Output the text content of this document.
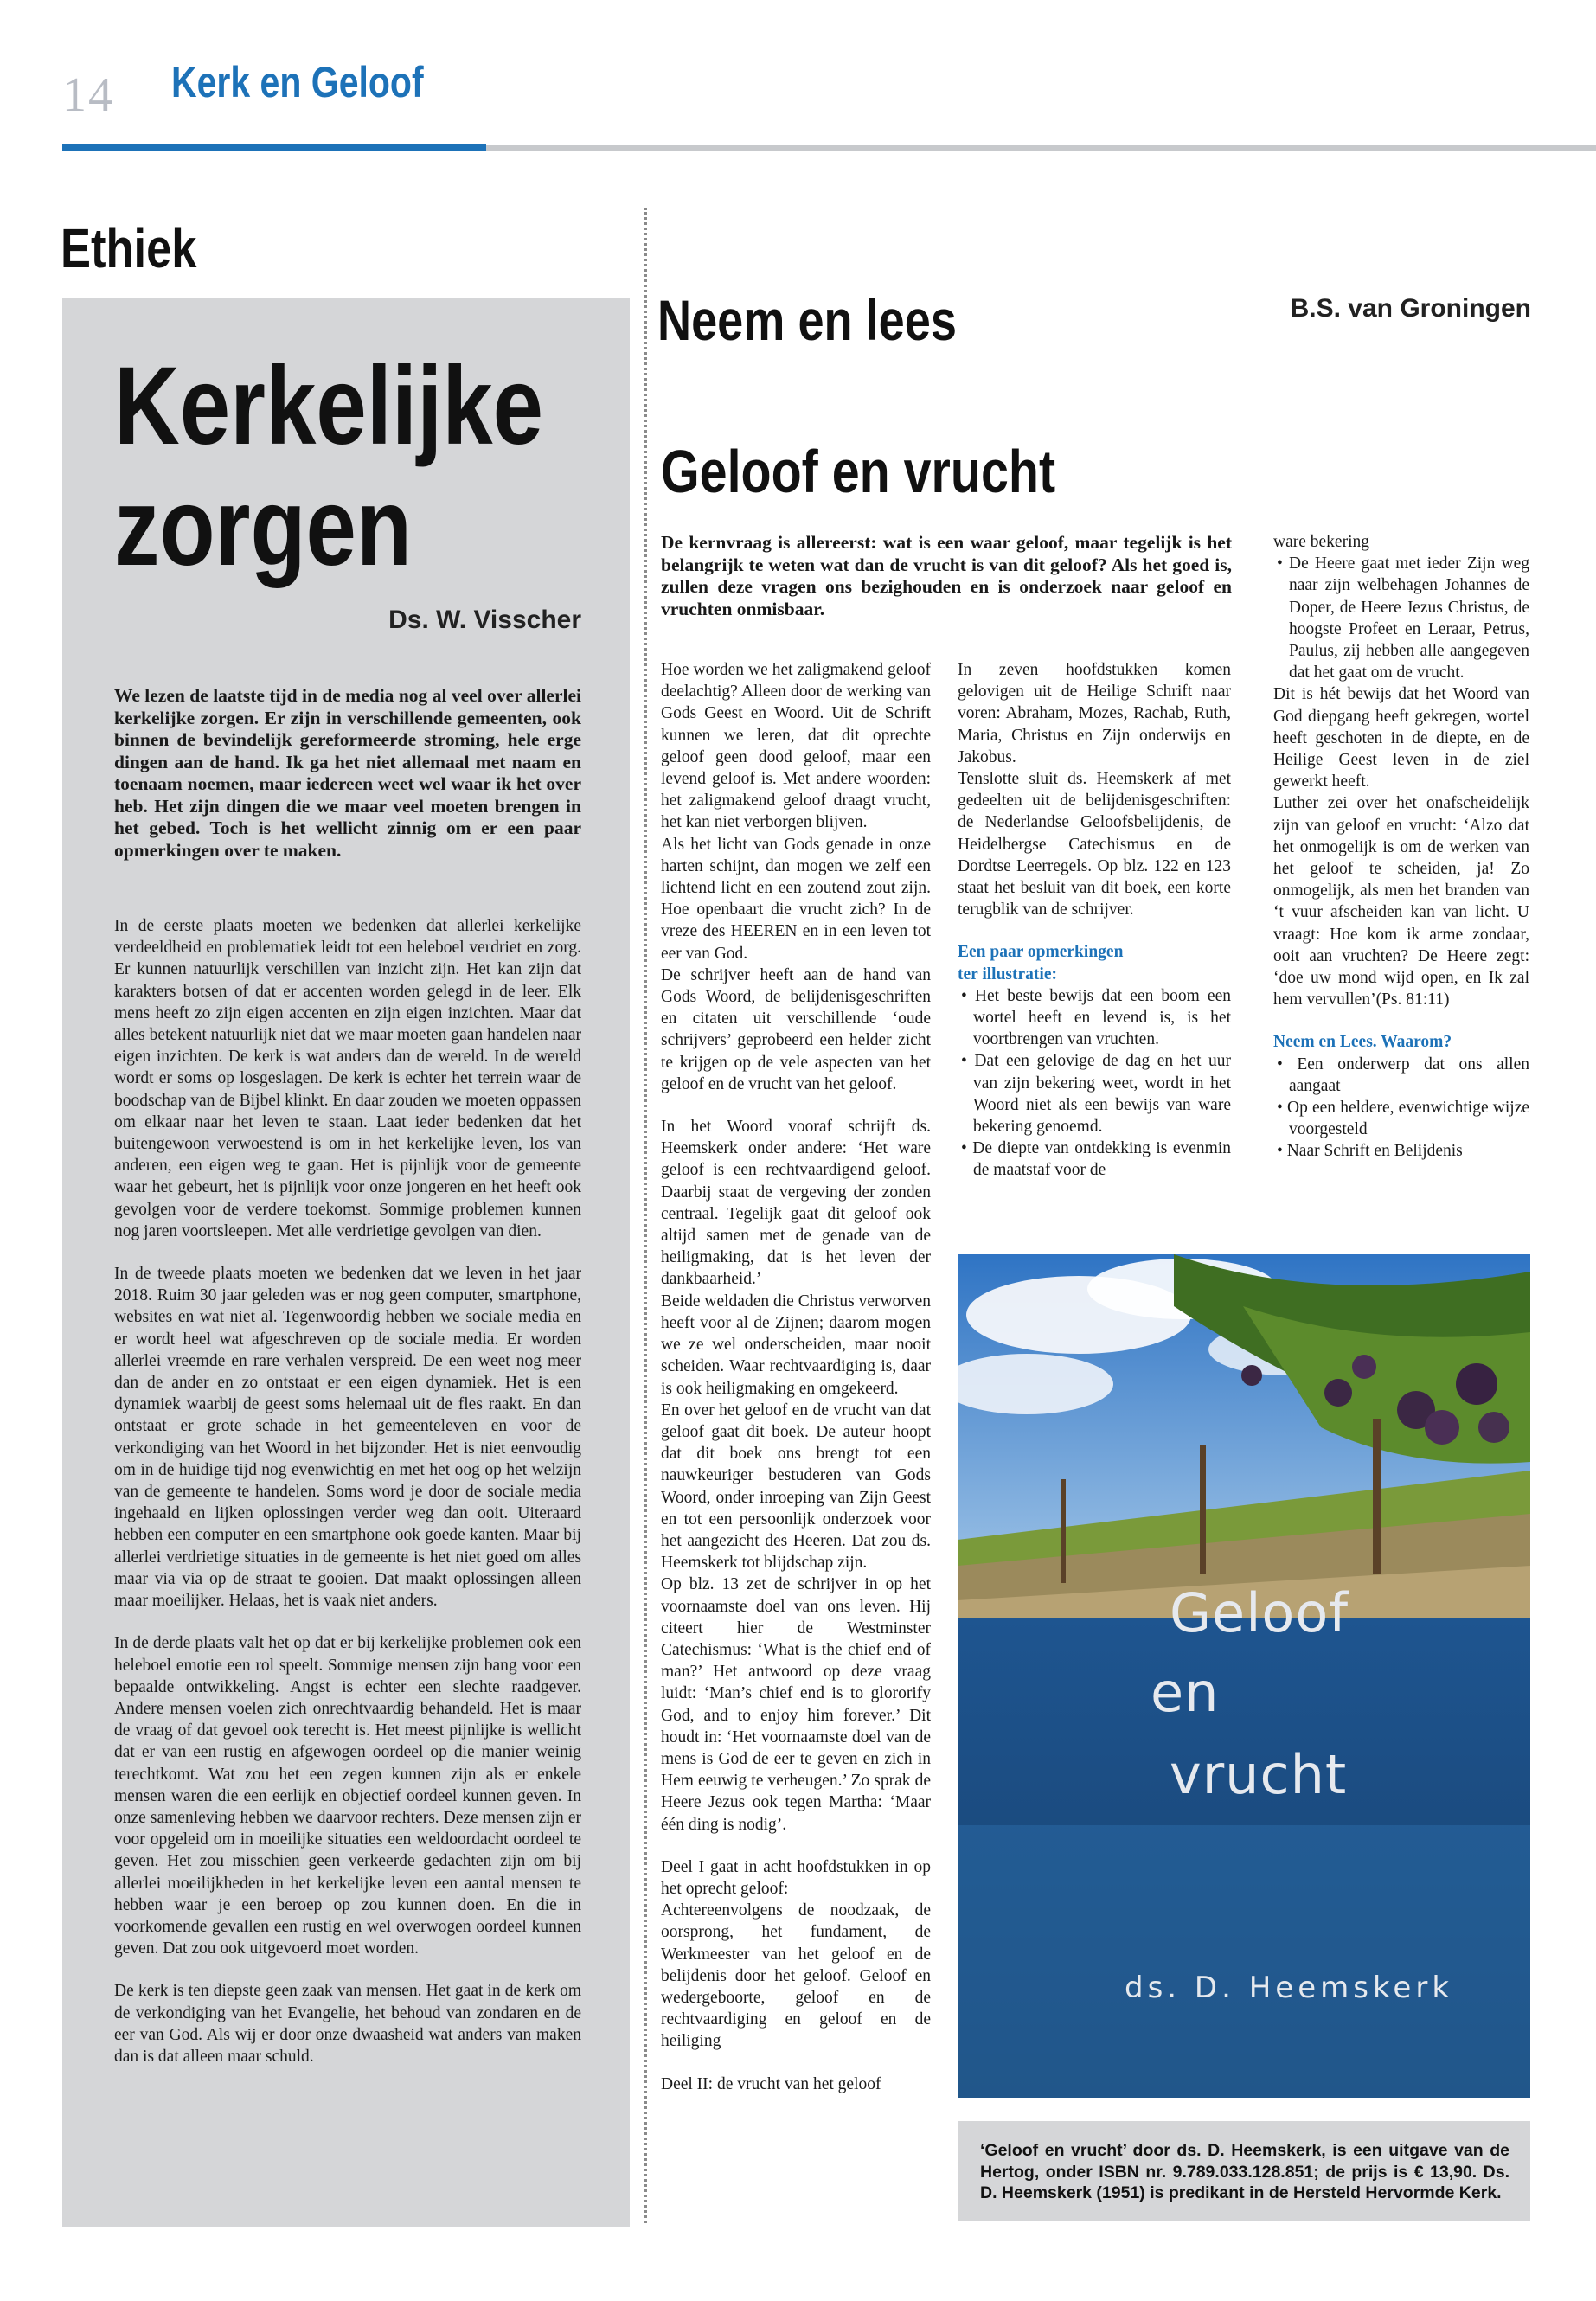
14 Kerk en Geloof
Ethiek
Kerkelijke zorgen
Ds. W. Visscher
We lezen de laatste tijd in de media nog al veel over allerlei kerkelijke zorgen. Er zijn in verschillende gemeenten, ook binnen de bevindelijk gereformeerde stroming, hele erge dingen aan de hand. Ik ga het niet allemaal met naam en toenaam noemen, maar iedereen weet wel waar ik het over heb. Het zijn dingen die we maar veel moeten brengen in het gebed. Toch is het wellicht zinnig om er een paar opmerkingen over te maken.

In de eerste plaats moeten we bedenken dat allerlei kerkelijke verdeeldheid en problematiek leidt tot een heleboel verdriet en zorg. Er kunnen natuurlijk verschillen van inzicht zijn. Het kan zijn dat karakters botsen of dat er accenten worden gelegd in de leer. Elk mens heeft zo zijn eigen accenten en zijn eigen inzichten. Maar dat alles betekent natuurlijk niet dat we maar moeten gaan handelen naar eigen inzichten. De kerk is wat anders dan de wereld. In de wereld wordt er soms op losgeslagen. De kerk is echter het terrein waar de boodschap van de Bijbel klinkt. En daar zouden we moeten oppassen om elkaar naar het leven te staan. Laat ieder bedenken dat het buitengewoon verwoestend is om in het kerkelijke leven, los van anderen, een eigen weg te gaan. Het is pijnlijk voor de gemeente waar het gebeurt, het is pijnlijk voor onze jongeren en het heeft ook gevolgen voor de verdere toekomst. Sommige problemen kunnen nog jaren voortsleepen. Met alle verdrietige gevolgen van dien.

In de tweede plaats moeten we bedenken dat we leven in het jaar 2018. Ruim 30 jaar geleden was er nog geen computer, smartphone, websites en wat niet al. Tegenwoordig hebben we sociale media en er wordt heel wat afgeschreven op de sociale media. Er worden allerlei vreemde en rare verhalen verspreid. De een weet nog meer dan de ander en zo ontstaat er een eigen dynamiek. Het is een dynamiek waarbij de geest soms helemaal uit de fles raakt. En dan ontstaat er grote schade in het gemeenteleven en voor de verkondiging van het Woord in het bijzonder. Het is niet eenvoudig om in de huidige tijd nog evenwichtig en met het oog op het welzijn van de gemeente te handelen. Soms word je door de sociale media ingehaald en lijken oplossingen verder weg dan ooit. Uiteraard hebben een computer en een smartphone ook goede kanten. Maar bij allerlei verdrietige situaties in de gemeente is het niet goed om alles maar via via op de straat te gooien. Dat maakt oplossingen alleen maar moeilijker. Helaas, het is vaak niet anders.

In de derde plaats valt het op dat er bij kerkelijke problemen ook een heleboel emotie een rol speelt. Sommige mensen zijn bang voor een bepaalde ontwikkeling. Angst is echter een slechte raadgever. Andere mensen voelen zich onrechtvaardig behandeld. Het is maar de vraag of dat gevoel ook terecht is. Het meest pijnlijke is wellicht dat er van een rustig en afgewogen oordeel op die manier weinig terechtkomt. Wat zou het een zegen kunnen zijn als er enkele mensen waren die een eerlijk en objectief oordeel kunnen geven. In onze samenleving hebben we daarvoor rechters. Deze mensen zijn er voor opgeleid om in moeilijke situaties een weldoordacht oordeel te geven. Het zou misschien geen verkeerde gedachten zijn om bij allerlei moeilijkheden in het kerkelijke leven een aantal mensen te hebben waar je een beroep op zou kunnen doen. En die in voorkomende gevallen een rustig en wel overwogen oordeel kunnen geven. Dat zou ook uitgevoerd moet worden.

De kerk is ten diepste geen zaak van mensen. Het gaat in de kerk om de verkondiging van het Evangelie, het behoud van zondaren en de eer van God. Als wij er door onze dwaasheid wat anders van maken dan is dat alleen maar schuld.

Neem en lees	B.S. van Groningen
Geloof en vrucht
De kernvraag is allereerst: wat is een waar geloof, maar tegelijk is het belangrijk te weten wat dan de vrucht is van dit geloof? Als het goed is, zullen deze vragen ons bezighouden en is onderzoek naar geloof en vruchten onmisbaar.

Hoe worden we het zaligmakend geloof deelachtig? Alleen door de werking van Gods Geest en Woord. Uit de Schrift kunnen we leren, dat dit oprechte geloof geen dood geloof, maar een levend geloof is. Met andere woorden: het zaligmakend geloof draagt vrucht, het kan niet verborgen blijven.

Als het licht van Gods genade in onze harten schijnt, dan mogen we zelf een lichtend licht en een zoutend zout zijn. Hoe openbaart die vrucht zich? In de vreze des HEEREN en in een leven tot eer van God.

De schrijver heeft aan de hand van Gods Woord, de belijdenisgeschriften en citaten uit verschillende ‘oude schrijvers’ geprobeerd een helder zicht te krijgen op de vele aspecten van het geloof en de vrucht van het geloof.

In het Woord vooraf schrijft ds. Heemskerk onder andere: ‘Het ware geloof is een rechtvaardigend geloof. Daarbij staat de vergeving der zonden centraal. Tegelijk gaat dit geloof ook altijd samen met de genade van de heiligmaking, dat is het leven der dankbaarheid.’

Beide weldaden die Christus verworven heeft voor al de Zijnen; daarom mogen we ze wel onderscheiden, maar nooit scheiden. Waar rechtvaardiging is, daar is ook heiligmaking en omgekeerd.

En over het geloof en de vrucht van dat geloof gaat dit boek. De auteur hoopt dat dit boek ons brengt tot een nauwkeuriger bestuderen van Gods Woord, onder inroeping van Zijn Geest en tot een persoonlijk onderzoek voor het aangezicht des Heeren. Dat zou ds. Heemskerk tot blijdschap zijn.

Op blz. 13 zet de schrijver in op het voornaamste doel van ons leven. Hij citeert hier de Westminster Catechismus: ‘What is the chief end of man?’ Het antwoord op deze vraag luidt: ‘Man’s chief end is to glororify God, and to enjoy him forever.’ Dit houdt in: ‘Het voornaamste doel van de mens is God de eer te geven en zich in Hem eeuwig te verheugen.’ Zo sprak de Heere Jezus ook tegen Martha: ‘Maar één ding is nodig’.

Deel I gaat in acht hoofdstukken in op het oprecht geloof:

Achtereenvolgens de noodzaak, de oorsprong, het fundament, de Werkmeester van het geloof en de belijdenis door het geloof. Geloof en wedergeboorte, geloof en de rechtvaardiging en geloof en de heiliging

Deel II: de vrucht van het geloof

In zeven hoofdstukken komen gelovigen uit de Heilige Schrift naar voren: Abraham, Mozes, Rachab, Ruth, Maria, Christus en Zijn onderwijs en Jakobus.

Tenslotte sluit ds. Heemskerk af met gedeelten uit de belijdenisgeschriften: de Nederlandse Geloofsbelijdenis, de Heidelbergse Catechismus en de Dordtse Leerregels. Op blz. 122 en 123 staat het besluit van dit boek, een korte terugblik van de schrijver.

Een paar opmerkingen

ter illustratie:

• Het beste bewijs dat een boom een wortel heeft en levend is, is het voortbrengen van vruchten.

• Dat een gelovige de dag en het uur van zijn bekering weet, wordt in het Woord niet als een bewijs van ware bekering genoemd.

• De diepte van ontdekking is evenmin de maatstaf voor de

ware bekering

• De Heere gaat met ieder Zijn weg naar zijn welbehagen Johannes de Doper, de Heere Jezus Christus, de hoogste Profeet en Leraar, Petrus, Paulus, zij hebben alle aangegeven dat het gaat om de vrucht.

Dit is hét bewijs dat het Woord van God diepgang heeft gekregen, wortel heeft geschoten in de diepte, en de Heilige Geest leven in de ziel gewerkt heeft.

Luther zei over het onafscheidelijk zijn van geloof en vrucht: ‘Alzo dat het onmogelijk is om de werken van het geloof te scheiden, ja! Zo onmogelijk, als men het branden van ‘t vuur afscheiden kan van licht. U vraagt: Hoe kom ik arme zondaar, ooit aan vruchten? De Heere zegt: ‘doe uw mond wijd open, en Ik zal hem vervullen’(Ps. 81:11)

Neem en Lees. Waarom?

• Een onderwerp dat ons allen aangaat

• Op een heldere, evenwichtige wijze voorgesteld

• Naar Schrift en Belijdenis

Geloof
en
vrucht
ds. D. Heemskerk
‘Geloof en vrucht’ door ds. D. Heemskerk, is een uitgave van de Hertog, onder ISBN nr. 9.789.033.128.851; de prijs is € 13,90. Ds. D. Heemskerk (1951) is predikant in de Hersteld Hervormde Kerk.
